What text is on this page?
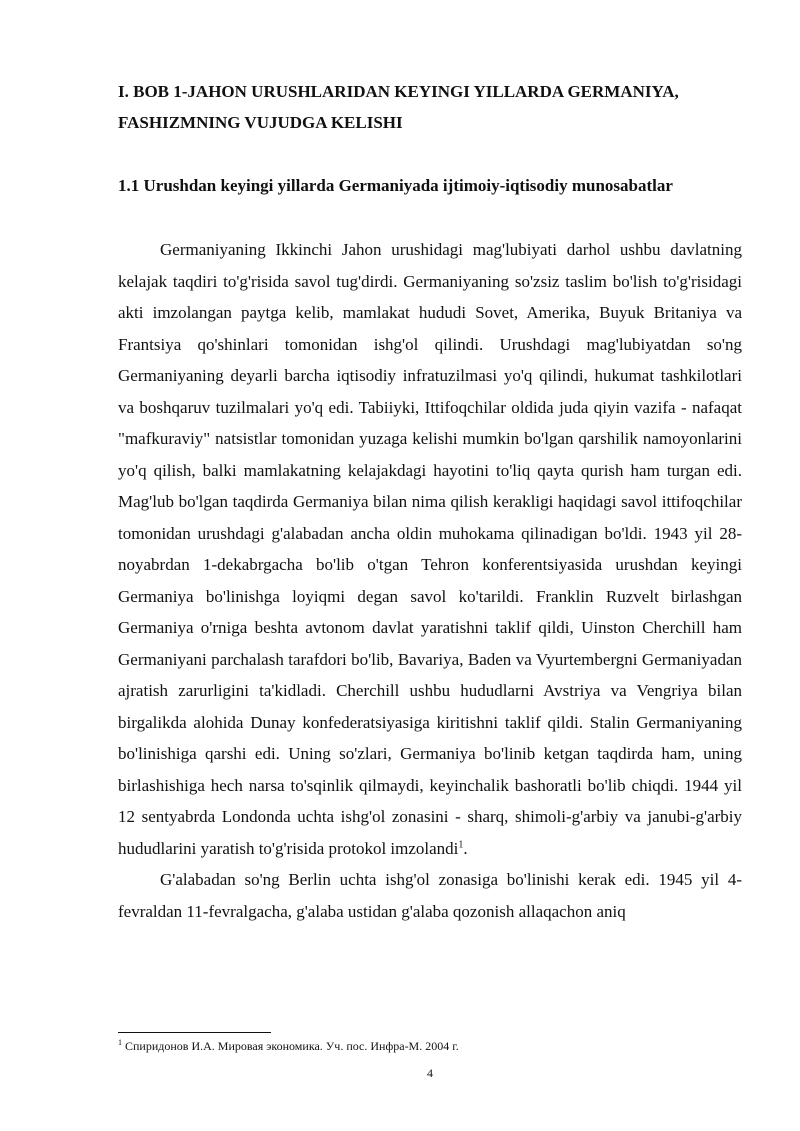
I. BOB 1-JAHON URUSHLARIDAN KEYINGI YILLARDA GERMANIYA,
FASHIZMNING VUJUDGA KELISHI
1.1 Urushdan keyingi yillarda Germaniyada ijtimoiy-iqtisodiy munosabatlar

Germaniyaning Ikkinchi Jahon urushidagi mag'lubiyati darhol ushbu davlatning kelajak taqdiri to'g'risida savol tug'dirdi. Germaniyaning so'zsiz taslim bo'lish to'g'risidagi akti imzolangan paytga kelib, mamlakat hududi Sovet, Amerika, Buyuk Britaniya va Frantsiya qo'shinlari tomonidan ishg'ol qilindi. Urushdagi mag'lubiyatdan so'ng Germaniyaning deyarli barcha iqtisodiy infratuzilmasi yo'q qilindi, hukumat tashkilotlari va boshqaruv tuzilmalari yo'q edi. Tabiiyki, Ittifoqchilar oldida juda qiyin vazifa - nafaqat "mafkuraviy" natsistlar tomonidan yuzaga kelishi mumkin bo'lgan qarshilik namoyonlarini yo'q qilish, balki mamlakatning kelajakdagi hayotini to'liq qayta qurish ham turgan edi. Mag'lub bo'lgan taqdirda Germaniya bilan nima qilish kerakligi haqidagi savol ittifoqchilar tomonidan urushdagi g'alabadan ancha oldin muhokama qilinadigan bo'ldi. 1943 yil 28-noyabrdan 1-dekabrgacha bo'lib o'tgan Tehron konferentsiyasida urushdan keyingi Germaniya bo'linishga loyiqmi degan savol ko'tarildi. Franklin Ruzvelt birlashgan Germaniya o'rniga beshta avtonom davlat yaratishni taklif qildi, Uinston Cherchill ham Germaniyani parchalash tarafdori bo'lib, Bavariya, Baden va Vyurtembergni Germaniyadan ajratish zarurligini ta'kidladi. Cherchill ushbu hududlarni Avstriya va Vengriya bilan birgalikda alohida Dunay konfederatsiyasiga kiritishni taklif qildi. Stalin Germaniyaning bo'linishiga qarshi edi. Uning so'zlari, Germaniya bo'linib ketgan taqdirda ham, uning birlashishiga hech narsa to'sqinlik qilmaydi, keyinchalik bashoratli bo'lib chiqdi. 1944 yil 12 sentyabrda Londonda uchta ishg'ol zonasini - sharq, shimoli-g'arbiy va janubi-g'arbiy hududlarini yaratish to'g'risida protokol imzolandi$^1$.

G'alabadan so'ng Berlin uchta ishg'ol zonasiga bo'linishi kerak edi. 1945 yil 4-fevraldan 11-fevralgacha, g'alaba ustidan g'alaba qozonish allaqachon aniq

$^1$ Спиридонов И.А. Мировая экономика. Уч. пос. Инфра-М. 2004 г.
4
